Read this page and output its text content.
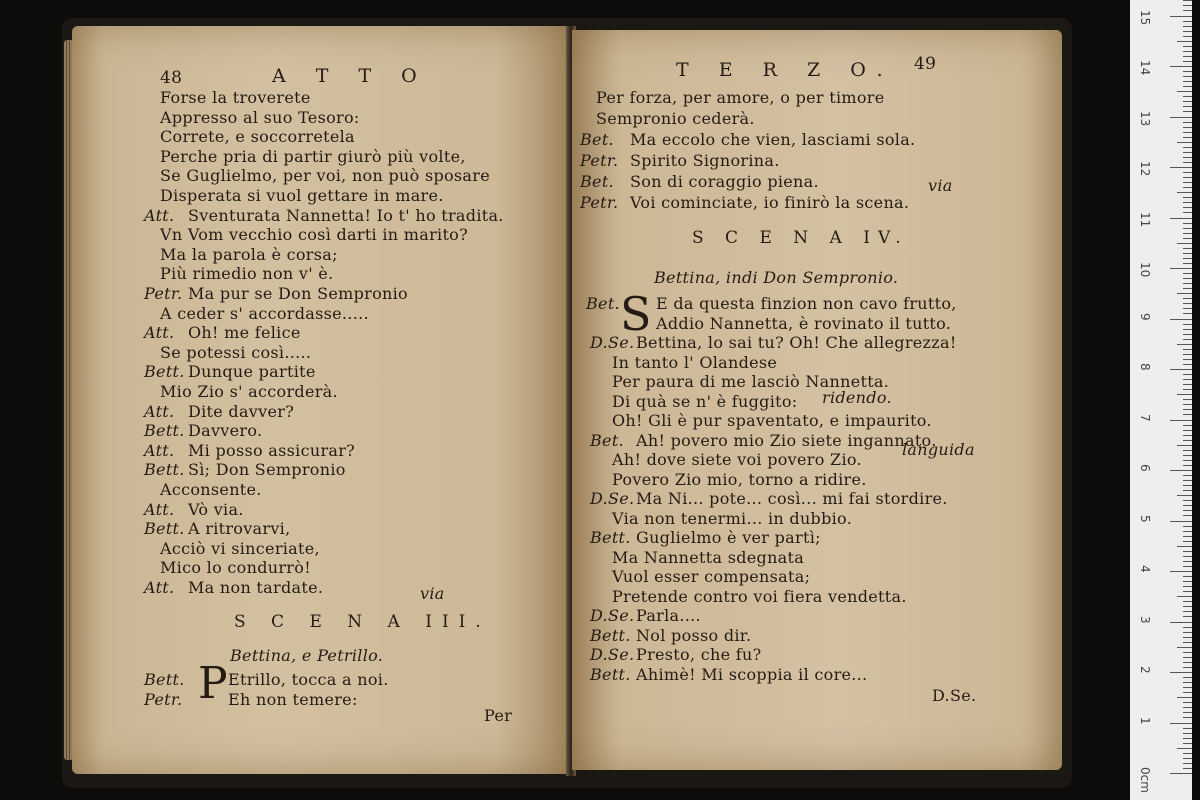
48	A T T O
Forse la troverete
Appresso al suo Tesoro:
Correte, e soccorretela
Perche pria di partir giurò più volte,
Se Guglielmo, per voi, non può sposare
Disperata si vuol gettare in mare.
Att. Sventurata Nannetta! Io t' ho tradita.
Vn Vom vecchio così darti in marito?
Ma la parola è corsa;
Più rimedio non v' è.
Petr. Ma pur se Don Sempronio
A ceder s' accordasse.....
Att. Oh! me felice
Se potessi così.....
Bett. Dunque partite
Mio Zio s' accorderà.
Att. Dite davver?
Bett. Davvero.
Att. Mi posso assicurar?
Bett. Sì; Don Sempronio
Acconsente.
Att. Vò via.
Bett. A ritrovarvi,
Acciò vi sinceriate,
Mico lo condurrò!
Att. Ma non tardate.	via
S C E N A III.
Bettina, e Petrillo.
P
Bett.	Etrillo, tocca a noi.
Petr.	Eh non temere:
Per
T E R Z O. 49
Per forza, per amore, o per timore
Sempronio cederà.
Bet. Ma eccolo che vien, lasciami sola.
Petr. Spirito Signorina.
Bet. Son di coraggio piena.
Petr. Voi cominciate, io finirò la scena.
via
S C E N A IV.
Bettina, indi Don Sempronio.
S
Bet. E da questa finzion non cavo frutto,
Addio Nannetta, è rovinato il tutto.
D.Se. Bettina, lo sai tu? Oh! Che allegrezza!
In tanto l' Olandese
Per paura di me lasciò Nannetta.
Di quà se n' è fuggito:
Oh! Gli è pur spaventato, e impaurito.
Bet. Ah! povero mio Zio siete ingannato.
Ah! dove siete voi povero Zio.
Povero Zio mio, torno a ridire.
D.Se. Ma Ni... pote... così... mi fai stordire.
Via non tenermi... in dubbio.
Bett. Guglielmo è ver partì;
Ma Nannetta sdegnata
Vuol esser compensata;
Pretende contro voi fiera vendetta.
D.Se. Parla....
Bett. Nol posso dir.
D.Se. Presto, che fu?
Bett. Ahimè! Mi scoppia il core...
ridendo.
languida
D.Se.
0cm
1
2
3
4
5
6
7
8
9
10
11
12
13
14
15
